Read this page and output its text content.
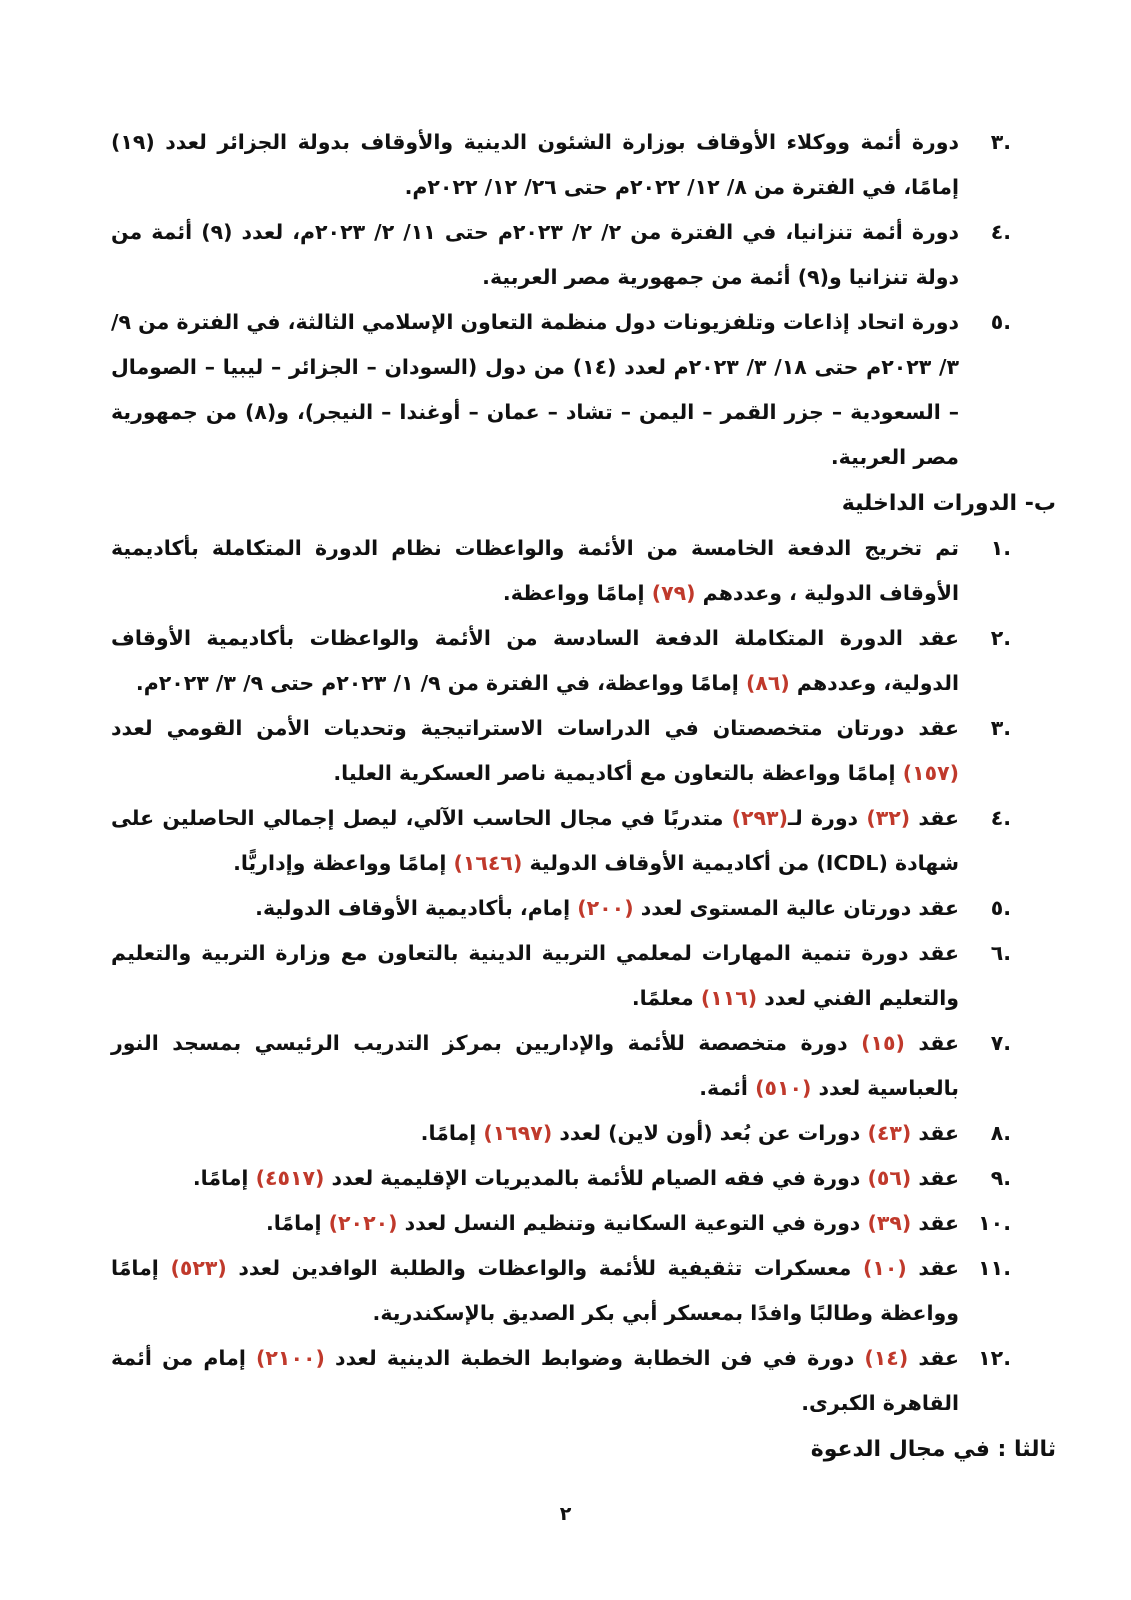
.٣
دورة أئمة ووكلاء الأوقاف بوزارة الشئون الدينية والأوقاف بدولة الجزائر لعدد (١٩) إمامًا، في الفترة من ٨/ ١٢/ ٢٠٢٢م حتى ٢٦/ ١٢/ ٢٠٢٢م.
.٤
دورة أئمة تنزانيا، في الفترة من ٢/ ٢/ ٢٠٢٣م حتى ١١/ ٢/ ٢٠٢٣م، لعدد (٩) أئمة من دولة تنزانيا و(٩) أئمة من جمهورية مصر العربية.
.٥
دورة اتحاد إذاعات وتلفزيونات دول منظمة التعاون الإسلامي الثالثة، في الفترة من ٩/ ٣/ ٢٠٢٣م حتى ١٨/ ٣/ ٢٠٢٣م لعدد (١٤) من دول (السودان – الجزائر – ليبيا – الصومال – السعودية – جزر القمر – اليمن – تشاد – عمان – أوغندا – النيجر)، و(٨) من جمهورية مصر العربية.
ب- الدورات الداخلية
.١
تم تخريج الدفعة الخامسة من الأئمة والواعظات نظام الدورة المتكاملة بأكاديمية الأوقاف الدولية ، وعددهم (٧٩) إمامًا وواعظة.
.٢
عقد الدورة المتكاملة الدفعة السادسة من الأئمة والواعظات بأكاديمية الأوقاف الدولية، وعددهم (٨٦) إمامًا وواعظة، في الفترة من ٩/ ١/ ٢٠٢٣م حتى ٩/ ٣/ ٢٠٢٣م.
.٣
عقد دورتان متخصصتان في الدراسات الاستراتيجية وتحديات الأمن القومي لعدد (١٥٧) إمامًا وواعظة بالتعاون مع أكاديمية ناصر العسكرية العليا.
.٤
عقد (٣٢) دورة لـ(٢٩٣) متدربًا في مجال الحاسب الآلي، ليصل إجمالي الحاصلين على شهادة (ICDL) من أكاديمية الأوقاف الدولية (١٦٤٦) إمامًا وواعظة وإداريًّا.
.٥
عقد دورتان عالية المستوى لعدد (٢٠٠) إمام، بأكاديمية الأوقاف الدولية.
.٦
عقد دورة تنمية المهارات لمعلمي التربية الدينية بالتعاون مع وزارة التربية والتعليم والتعليم الفني لعدد (١١٦) معلمًا.
.٧
عقد (١٥) دورة متخصصة للأئمة والإداريين بمركز التدريب الرئيسي بمسجد النور بالعباسية لعدد (٥١٠) أئمة.
.٨
عقد (٤٣) دورات عن بُعد (أون لاين) لعدد (١٦٩٧) إمامًا.
.٩
عقد (٥٦) دورة في فقه الصيام للأئمة بالمديريات الإقليمية لعدد (٤٥١٧) إمامًا.
.١٠
عقد (٣٩) دورة في التوعية السكانية وتنظيم النسل لعدد (٢٠٢٠) إمامًا.
.١١
عقد (١٠) معسكرات تثقيفية للأئمة والواعظات والطلبة الوافدين لعدد (٥٢٣) إمامًا وواعظة وطالبًا وافدًا بمعسكر أبي بكر الصديق بالإسكندرية.
.١٢
عقد (١٤) دورة في فن الخطابة وضوابط الخطبة الدينية لعدد (٢١٠٠) إمام من أئمة القاهرة الكبرى.
ثالثا : في مجال الدعوة
٢
